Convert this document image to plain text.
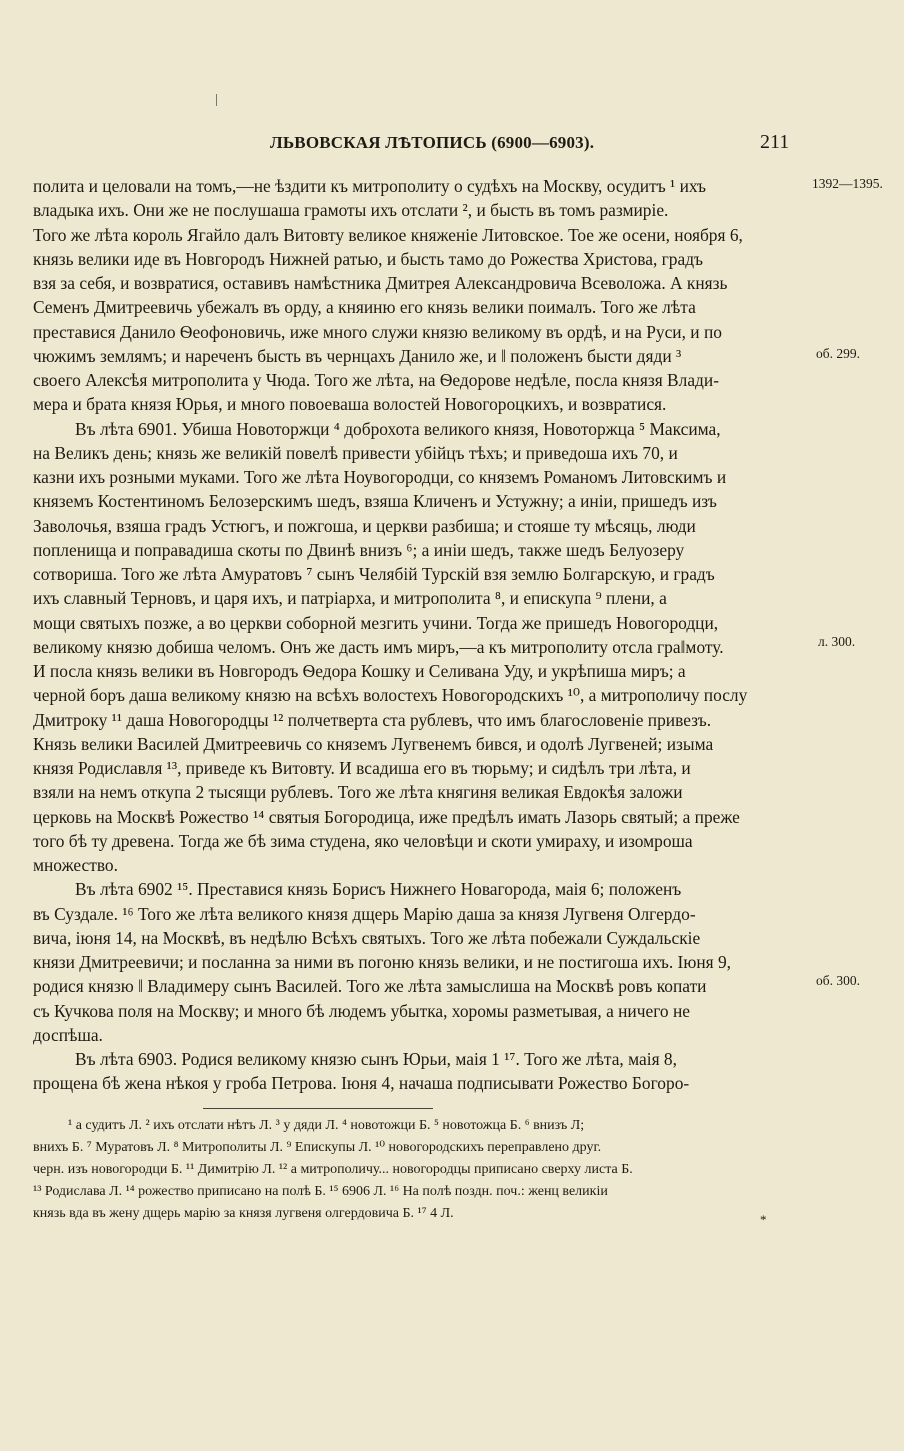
ЛЬВОВСКАЯ ЛѢТОПИСЬ (6900—6903).	211
1392—1395.
об. 299.
л. 300.
об. 300.
полита и целовали на томъ,—не ѣздити къ митрополиту о судѣхъ на Москву, осудитъ ¹ ихъ
владыка ихъ. Они же не послушаша грамоты ихъ отслати ², и бысть въ томъ размиріе.
Того же лѣта король Ягайло далъ Витовту великое княженіе Литовское. Тое же осени, ноября 6,
князь велики иде въ Новгородъ Нижней ратью, и бысть тамо до Рожества Христова, градъ
взя за себя, и возвратися, оставивъ намѣстника Дмитрея Александровича Всеволожа. А князь
Семенъ Дмитреевичь убежалъ въ орду, а княиню его князь велики поималъ. Того же лѣта
преставися Данило Ѳеофоновичь, иже много служи князю великому въ ордѣ, и на Руси, и по
чюжимъ землямъ; и нареченъ бысть въ чернцахъ Данило же, и ‖ положенъ бысти дяди ³
своего Алексѣя митрополита у Чюда. Того же лѣта, на Ѳедорове недѣле, посла князя Влади-
мера и брата князя Юрья, и много повоеваша волостей Новогороцкихъ, и возвратися.
Въ лѣта 6901. Убиша Новоторжци ⁴ доброхота великого князя, Новоторжца ⁵ Максима,
на Великъ день; князь же великій повелѣ привести убійцъ тѣхъ; и приведоша ихъ 70, и
казни ихъ розными муками. Того же лѣта Ноувогородци, со княземъ Романомъ Литовскимъ и
княземъ Костентиномъ Белозерскимъ шедъ, взяша Кличенъ и Устужну; а иніи, пришедъ изъ
Заволочья, взяша градъ Устюгъ, и пожгоша, и церкви разбиша; и стояше ту мѣсяць, люди
попленища и поправадиша скоты по Двинѣ внизъ ⁶; а иніи шедъ, также шедъ Белуозеру
сотвориша. Того же лѣта Амуратовъ ⁷ сынъ Челябій Турскій взя землю Болгарскую, и градъ
ихъ славный Терновъ, и царя ихъ, и патріарха, и митрополита ⁸, и епискупа ⁹ плени, а
мощи святыхъ позже, а во церкви соборной мезгить учини. Тогда же пришедъ Новогородци,
великому князю добиша челомъ. Онъ же дасть имъ миръ,—а къ митрополиту отсла гра‖моту.
И посла князь велики въ Новгородъ Ѳедора Кошку и Селивана Уду, и укрѣпиша миръ; а
черной боръ даша великому князю на всѣхъ волостехъ Новогородскихъ ¹⁰, а митрополичу послу
Дмитроку ¹¹ даша Новогородцы ¹² полчетверта ста рублевъ, что имъ благословеніе привезъ.
Князь велики Василей Дмитреевичь со княземъ Лугвенемъ бився, и одолѣ Лугвеней; изыма
князя Родиславля ¹³, приведе къ Витовту. И всадиша его въ тюрьму; и сидѣлъ три лѣта, и
взяли на немъ откупа 2 тысящи рублевъ. Того же лѣта княгиня великая Евдокѣя заложи
церковь на Москвѣ Рожество ¹⁴ святыя Богородица, иже предѣлъ имать Лазорь святый; а преже
того бѣ ту древена. Тогда же бѣ зима студена, яко человѣци и скоти умираху, и изомроша
множество.
Въ лѣта 6902 ¹⁵. Преставися князь Борисъ Нижнего Новагорода, маія 6; положенъ
въ Суздале. ¹⁶ Того же лѣта великого князя дщерь Марію даша за князя Лугвеня Олгердо-
вича, іюня 14, на Москвѣ, въ недѣлю Всѣхъ святыхъ. Того же лѣта побежали Суждальскіе
князи Дмитреевичи; и посланна за ними въ погоню князь велики, и не постигоша ихъ. Іюня 9,
родися князю ‖ Владимеру сынъ Василей. Того же лѣта замыслиша на Москвѣ ровъ копати
съ Кучкова поля на Москву; и много бѣ людемъ убытка, хоромы разметывая, а ничего не
доспѣша.
Въ лѣта 6903. Родися великому князю сынъ Юрьи, маія 1 ¹⁷. Того же лѣта, маія 8,
прощена бѣ жена нѣкоя у гроба Петрова. Іюня 4, начаша подписывати Рожество Богоро-
¹ а судитъ Л. ² ихъ отслати нѣтъ Л. ³ у дяди Л. ⁴ новотожци Б. ⁵ новотожца Б. ⁶ внизъ Л;
внихъ Б. ⁷ Муратовъ Л. ⁸ Митрополиты Л. ⁹ Епискупы Л. ¹⁰ новогородскихъ переправлено друг.
черн. изъ новогородци Б. ¹¹ Димитрію Л. ¹² а митрополичу... новогородцы приписано сверху листа Б.
¹³ Родислава Л. ¹⁴ рожество приписано на полѣ Б. ¹⁵ 6906 Л. ¹⁶ На полѣ поздн. поч.: женц великіи
князь вда въ жену дщерь марію за князя лугвеня олгердовича Б. ¹⁷ 4 Л.	*
